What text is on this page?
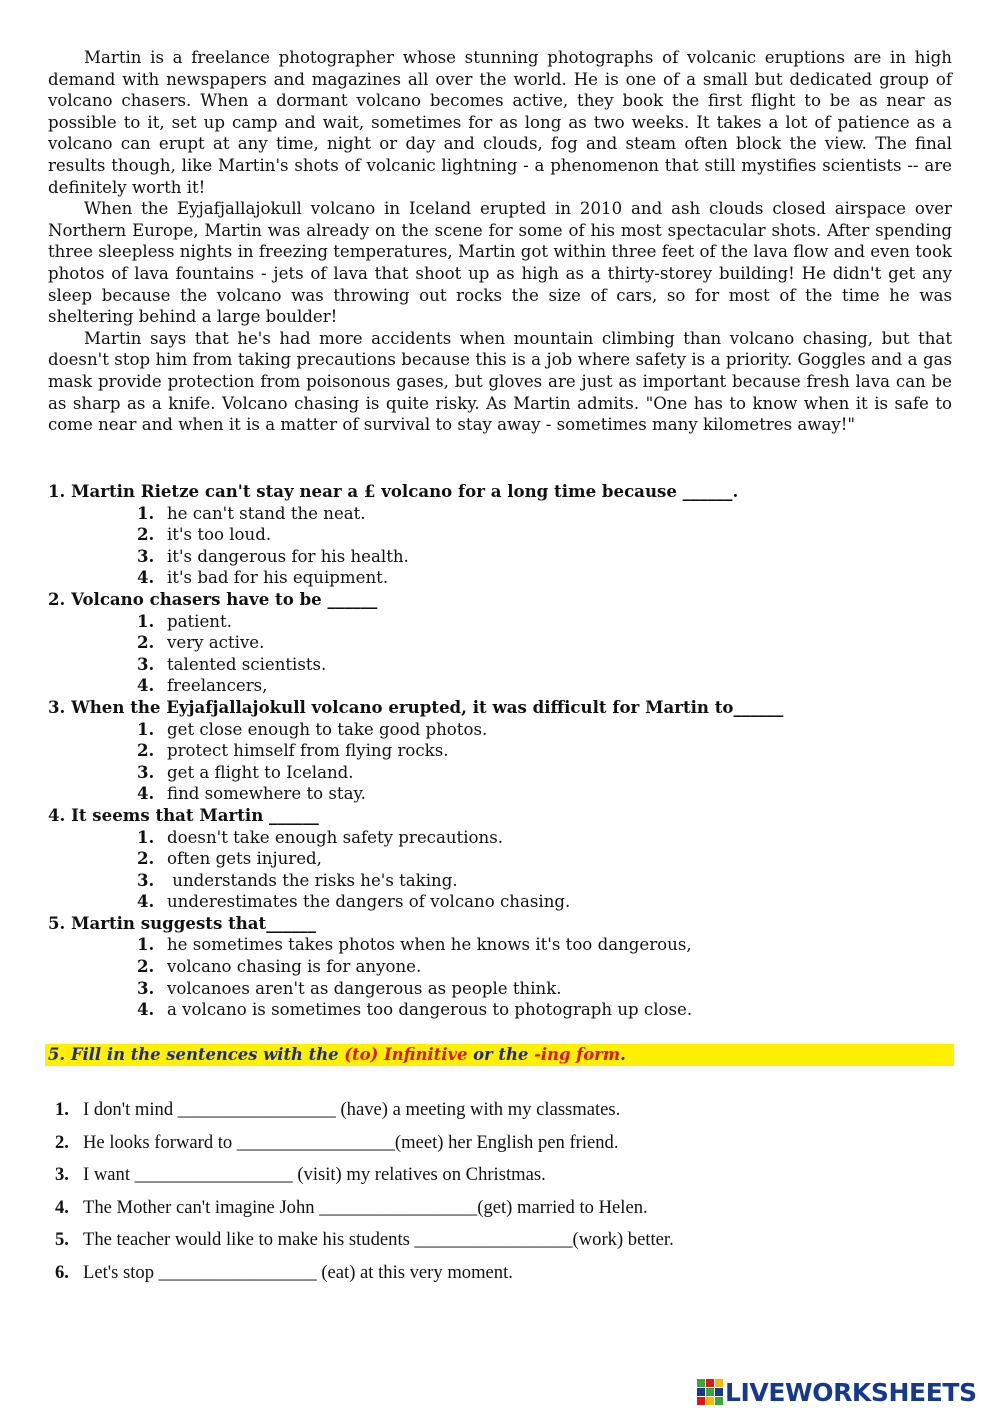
Martin is a freelance photographer whose stunning photographs of volcanic eruptions are in high demand with newspapers and magazines all over the world. He is one of a small but dedicated group of volcano chasers. When a dormant volcano becomes active, they book the first flight to be as near as possible to it, set up camp and wait, sometimes for as long as two weeks. It takes a lot of patience as a volcano can erupt at any time, night or day and clouds, fog and steam often block the view. The final results though, like Martin's shots of volcanic lightning - a phenomenon that still mystifies scientists -- are definitely worth it!

When the Eyjafjallajokull volcano in Iceland erupted in 2010 and ash clouds closed airspace over Northern Europe, Martin was already on the scene for some of his most spectacular shots. After spending three sleepless nights in freezing temperatures, Martin got within three feet of the lava flow and even took photos of lava fountains - jets of lava that shoot up as high as a thirty-storey building! He didn't get any sleep because the volcano was throwing out rocks the size of cars, so for most of the time he was sheltering behind a large boulder!

Martin says that he's had more accidents when mountain climbing than volcano chasing, but that doesn't stop him from taking precautions because this is a job where safety is a priority. Goggles and a gas mask provide protection from poisonous gases, but gloves are just as important because fresh lava can be as sharp as a knife. Volcano chasing is quite risky. As Martin admits. "One has to know when it is safe to come near and when it is a matter of survival to stay away - sometimes many kilometres away!"

1. Martin Rietze can't stay near a £ volcano for a long time because ______.
1. he can't stand the neat.
2. it's too loud.
3. it's dangerous for his health.
4. it's bad for his equipment.
2. Volcano chasers have to be ______
1. patient.
2. very active.
3. talented scientists.
4. freelancers,
3. When the Eyjafjallajokull volcano erupted, it was difficult for Martin to______
1. get close enough to take good photos.
2. protect himself from flying rocks.
3. get a flight to Iceland.
4. find somewhere to stay.
4. It seems that Martin ______
1. doesn't take enough safety precautions.
2. often gets injured,
3. understands the risks he's taking.
4. underestimates the dangers of volcano chasing.
5. Martin suggests that______
1. he sometimes takes photos when he knows it's too dangerous,
2. volcano chasing is for anyone.
3. volcanoes aren't as dangerous as people think.
4. a volcano is sometimes too dangerous to photograph up close.
5. Fill in the sentences with the (to) Infinitive or the -ing form.
1. I don't mind _________________ (have) a meeting with my classmates.
2. He looks forward to _________________(meet) her English pen friend.
3. I want _________________ (visit) my relatives on Christmas.
4. The Mother can't imagine John _________________(get) married to Helen.
5. The teacher would like to make his students _________________(work) better.
6. Let's stop _________________ (eat) at this very moment.
LIVEWORKSHEETS
